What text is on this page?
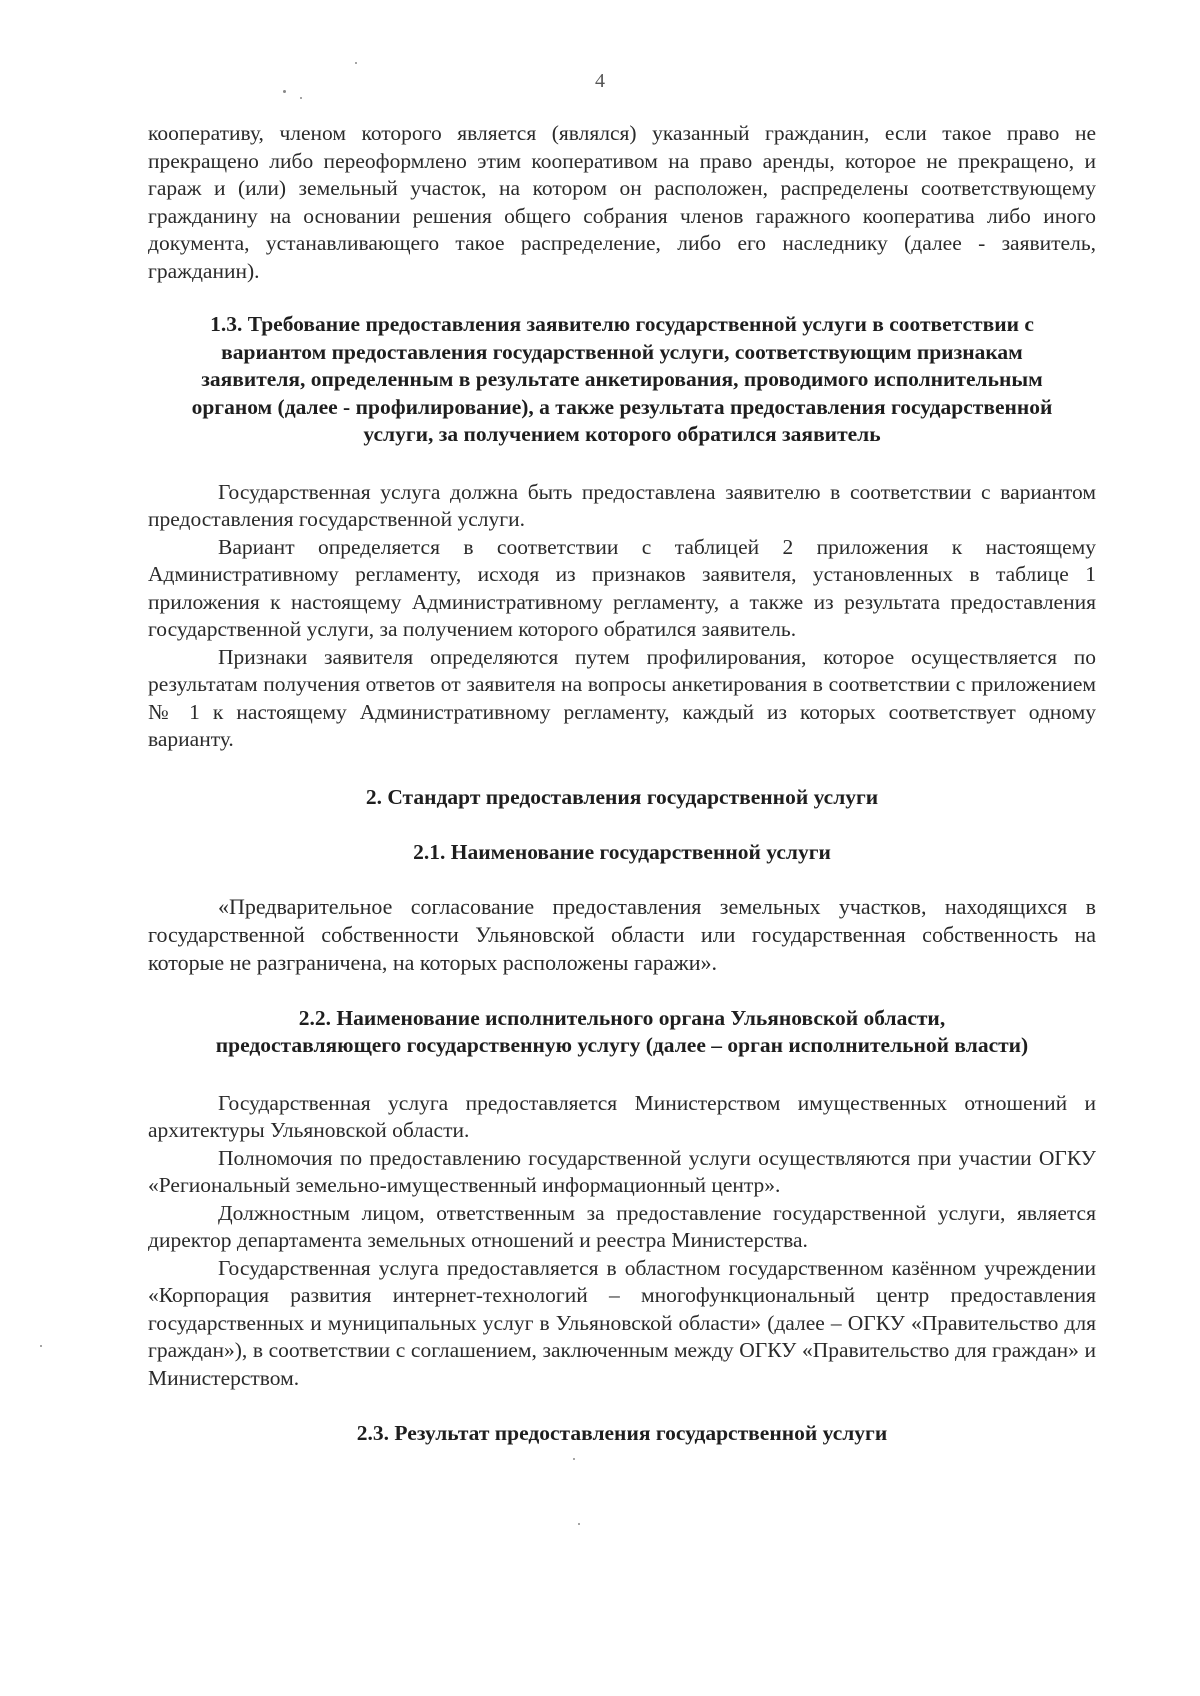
4

кооперативу, членом которого является (являлся) указанный гражданин, если такое право не прекращено либо переоформлено этим кооперативом на право аренды, которое не прекращено, и гараж и (или) земельный участок, на котором он расположен, распределены соответствующему гражданину на основании решения общего собрания членов гаражного кооператива либо иного документа, устанавливающего такое распределение, либо его наследнику (далее - заявитель, гражданин).

1.3. Требование предоставления заявителю государственной услуги в соответствии с вариантом предоставления государственной услуги, соответствующим признакам заявителя, определенным в результате анкетирования, проводимого исполнительным органом (далее - профилирование), а также результата предоставления государственной услуги, за получением которого обратился заявитель

Государственная услуга должна быть предоставлена заявителю в соответствии с вариантом предоставления государственной услуги.

Вариант определяется в соответствии с таблицей 2 приложения к настоящему Административному регламенту, исходя из признаков заявителя, установленных в таблице 1 приложения к настоящему Административному регламенту, а также из результата предоставления государственной услуги, за получением которого обратился заявитель.

Признаки заявителя определяются путем профилирования, которое осуществляется по результатам получения ответов от заявителя на вопросы анкетирования в соответствии с приложением № 1 к настоящему Административному регламенту, каждый из которых соответствует одному варианту.

2. Стандарт предоставления государственной услуги
2.1. Наименование государственной услуги

«Предварительное согласование предоставления земельных участков, находящихся в государственной собственности Ульяновской области или государственная собственность на которые не разграничена, на которых расположены гаражи».

2.2. Наименование исполнительного органа Ульяновской области,
предоставляющего государственную услугу (далее – орган исполнительной власти)

Государственная услуга предоставляется Министерством имущественных отношений и архитектуры Ульяновской области.

Полномочия по предоставлению государственной услуги осуществляются при участии ОГКУ «Региональный земельно-имущественный информационный центр».

Должностным лицом, ответственным за предоставление государственной услуги, является директор департамента земельных отношений и реестра Министерства.

Государственная услуга предоставляется в областном государственном казённом учреждении «Корпорация развития интернет-технологий – многофункциональный центр предоставления государственных и муниципальных услуг в Ульяновской области» (далее – ОГКУ «Правительство для граждан»), в соответствии с соглашением, заключенным между ОГКУ «Правительство для граждан» и Министерством.

2.3. Результат предоставления государственной услуги
